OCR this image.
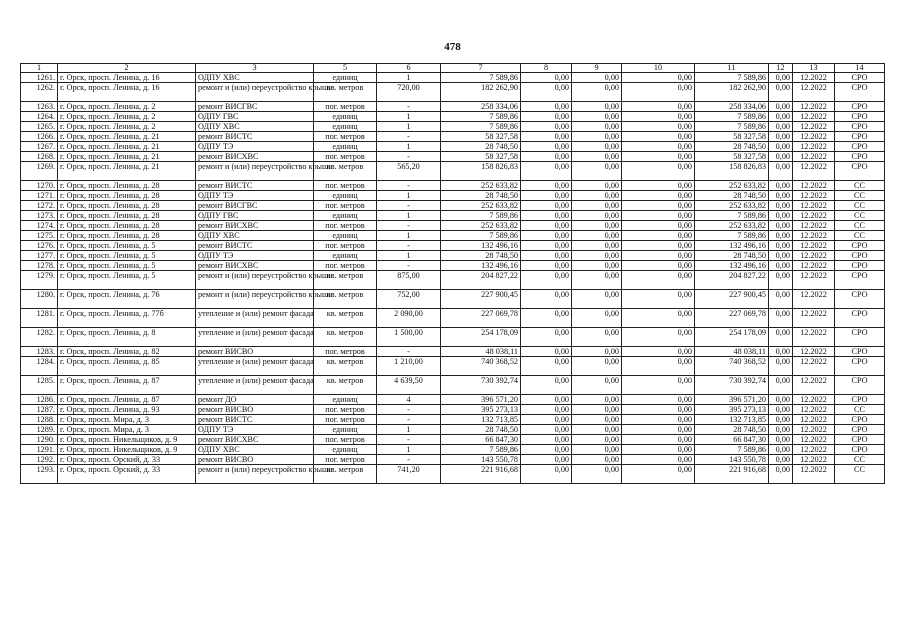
478
1	2	3	5	6	7	8	9	10	11	12	13	14
1261.	г. Орск, просп. Ленина, д. 16	ОДПУ ХВС	единиц	1	7 589,86	0,00	0,00	0,00	7 589,86	0,00	12.2022	СРО
1262.	г. Орск, просп. Ленина, д. 16	ремонт и (или) переустройство крыши	кв. метров	720,00	182 262,90	0,00	0,00	0,00	182 262,90	0,00	12.2022	СРО
1263.	г. Орск, просп. Ленина, д. 2	ремонт ВИСГВС	пог. метров	-	258 334,06	0,00	0,00	0,00	258 334,06	0,00	12.2022	СРО
1264.	г. Орск, просп. Ленина, д. 2	ОДПУ ГВС	единиц	1	7 589,86	0,00	0,00	0,00	7 589,86	0,00	12.2022	СРО
1265.	г. Орск, просп. Ленина, д. 2	ОДПУ ХВС	единиц	1	7 589,86	0,00	0,00	0,00	7 589,86	0,00	12.2022	СРО
1266.	г. Орск, просп. Ленина, д. 21	ремонт ВИСТС	пог. метров	-	58 327,58	0,00	0,00	0,00	58 327,58	0,00	12.2022	СРО
1267.	г. Орск, просп. Ленина, д. 21	ОДПУ ТЭ	единиц	1	28 748,50	0,00	0,00	0,00	28 748,50	0,00	12.2022	СРО
1268.	г. Орск, просп. Ленина, д. 21	ремонт ВИСХВС	пог. метров	-	58 327,58	0,00	0,00	0,00	58 327,58	0,00	12.2022	СРО
1269.	г. Орск, просп. Ленина, д. 21	ремонт и (или) переустройство крыши	кв. метров	565,20	158 826,83	0,00	0,00	0,00	158 826,83	0,00	12.2022	СРО
1270.	г. Орск, просп. Ленина, д. 28	ремонт ВИСТС	пог. метров	-	252 633,82	0,00	0,00	0,00	252 633,82	0,00	12.2022	СС
1271.	г. Орск, просп. Ленина, д. 28	ОДПУ ТЭ	единиц	1	28 748,50	0,00	0,00	0,00	28 748,50	0,00	12.2022	СС
1272.	г. Орск, просп. Ленина, д. 28	ремонт ВИСГВС	пог. метров	-	252 633,82	0,00	0,00	0,00	252 633,82	0,00	12.2022	СС
1273.	г. Орск, просп. Ленина, д. 28	ОДПУ ГВС	единиц	1	7 589,86	0,00	0,00	0,00	7 589,86	0,00	12.2022	СС
1274.	г. Орск, просп. Ленина, д. 28	ремонт ВИСХВС	пог. метров	-	252 633,82	0,00	0,00	0,00	252 633,82	0,00	12.2022	СС
1275.	г. Орск, просп. Ленина, д. 28	ОДПУ ХВС	единиц	1	7 589,86	0,00	0,00	0,00	7 589,86	0,00	12.2022	СС
1276.	г. Орск, просп. Ленина, д. 5	ремонт ВИСТС	пог. метров	-	132 496,16	0,00	0,00	0,00	132 496,16	0,00	12.2022	СРО
1277.	г. Орск, просп. Ленина, д. 5	ОДПУ ТЭ	единиц	1	28 748,50	0,00	0,00	0,00	28 748,50	0,00	12.2022	СРО
1278.	г. Орск, просп. Ленина, д. 5	ремонт ВИСХВС	пог. метров	-	132 496,16	0,00	0,00	0,00	132 496,16	0,00	12.2022	СРО
1279.	г. Орск, просп. Ленина, д. 5	ремонт и (или) переустройство крыши	кв. метров	875,00	204 827,22	0,00	0,00	0,00	204 827,22	0,00	12.2022	СРО
1280.	г. Орск, просп. Ленина, д. 76	ремонт и (или) переустройство крыши	кв. метров	752,00	227 900,45	0,00	0,00	0,00	227 900,45	0,00	12.2022	СРО
1281.	г. Орск, просп. Ленина, д. 77б	утепление и (или) ремонт фасада	кв. метров	2 090,00	227 069,78	0,00	0,00	0,00	227 069,78	0,00	12.2022	СРО
1282.	г. Орск, просп. Ленина, д. 8	утепление и (или) ремонт фасада	кв. метров	1 500,00	254 178,09	0,00	0,00	0,00	254 178,09	0,00	12.2022	СРО
1283.	г. Орск, просп. Ленина, д. 82	ремонт ВИСВО	пог. метров	-	48 038,11	0,00	0,00	0,00	48 038,11	0,00	12.2022	СРО
1284.	г. Орск, просп. Ленина, д. 85	утепление и (или) ремонт фасада	кв. метров	1 210,00	740 368,52	0,00	0,00	0,00	740 368,52	0,00	12.2022	СРО
1285.	г. Орск, просп. Ленина, д. 87	утепление и (или) ремонт фасада	кв. метров	4 639,50	730 392,74	0,00	0,00	0,00	730 392,74	0,00	12.2022	СРО
1286.	г. Орск, просп. Ленина, д. 87	ремонт ДО	единиц	4	396 571,20	0,00	0,00	0,00	396 571,20	0,00	12.2022	СРО
1287.	г. Орск, просп. Ленина, д. 93	ремонт ВИСВО	пог. метров	-	395 273,13	0,00	0,00	0,00	395 273,13	0,00	12.2022	СС
1288.	г. Орск, просп. Мира, д. 3	ремонт ВИСТС	пог. метров	-	132 713,85	0,00	0,00	0,00	132 713,85	0,00	12.2022	СРО
1289.	г. Орск, просп. Мира, д. 3	ОДПУ ТЭ	единиц	1	28 748,50	0,00	0,00	0,00	28 748,50	0,00	12.2022	СРО
1290.	г. Орск, просп. Никельщиков, д. 9	ремонт ВИСХВС	пог. метров	-	66 847,30	0,00	0,00	0,00	66 847,30	0,00	12.2022	СРО
1291.	г. Орск, просп. Никельщиков, д. 9	ОДПУ ХВС	единиц	1	7 589,86	0,00	0,00	0,00	7 589,86	0,00	12.2022	СРО
1292.	г. Орск, просп. Орский, д. 33	ремонт ВИСВО	пог. метров	-	143 550,78	0,00	0,00	0,00	143 550,78	0,00	12.2022	СС
1293.	г. Орск, просп. Орский, д. 33	ремонт и (или) переустройство крыши	кв. метров	741,20	221 916,68	0,00	0,00	0,00	221 916,68	0,00	12.2022	СС
